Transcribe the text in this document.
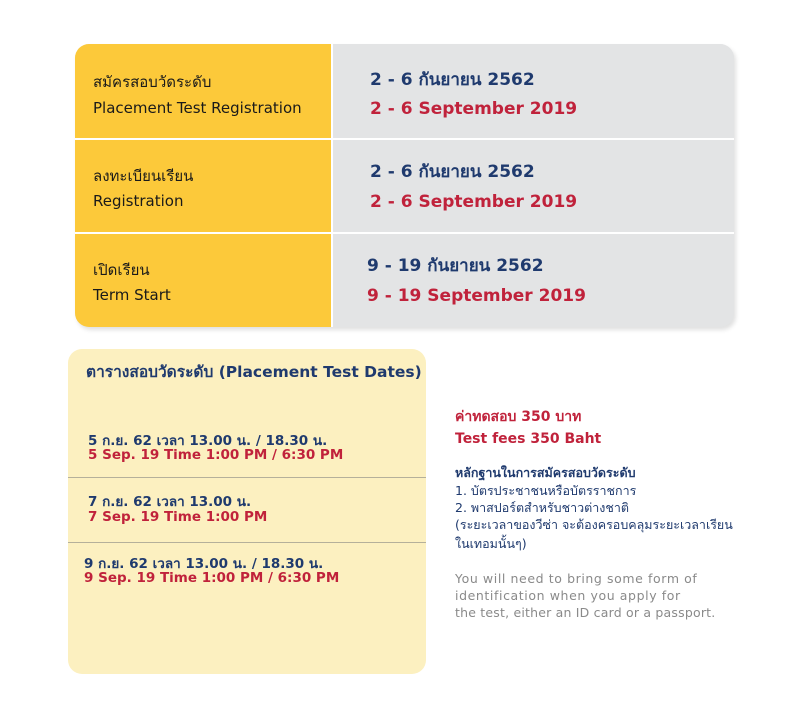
สมัครสอบวัดระดับ
Placement Test Registration
2 - 6 กันยายน 2562
2 - 6 September 2019
ลงทะเบียนเรียน
Registration
2 - 6 กันยายน 2562
2 - 6 September 2019
เปิดเรียน
Term Start
9 - 19 กันยายน 2562
9 - 19 September 2019
ตารางสอบวัดระดับ (Placement Test Dates)
5 ก.ย. 62 เวลา 13.00 น. / 18.30 น.
5 Sep. 19 Time 1:00 PM / 6:30 PM
7 ก.ย. 62 เวลา 13.00 น.
7 Sep. 19 Time 1:00 PM
9 ก.ย. 62 เวลา 13.00 น. / 18.30 น.
9 Sep. 19 Time 1:00 PM / 6:30 PM
ค่าทดสอบ 350 บาท
Test fees 350 Baht
หลักฐานในการสมัครสอบวัดระดับ
1. บัตรประชาชนหรือบัตรราชการ
2. พาสปอร์ตสำหรับชาวต่างชาติ
(ระยะเวลาของวีซ่า จะต้องครอบคลุมระยะเวลาเรียน
ในเทอมนั้นๆ)
You will need to bring some form of
identification when you apply for
the test, either an ID card or a passport.
